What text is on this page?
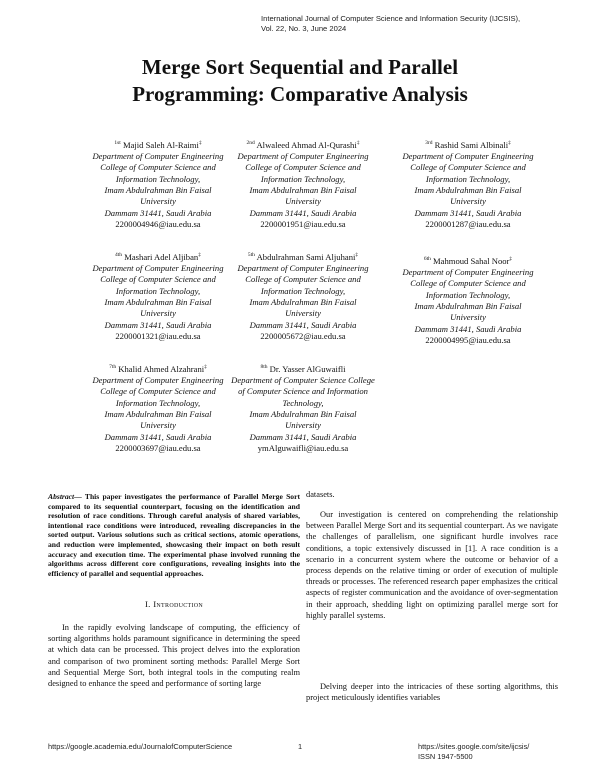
International Journal of Computer Science and Information Security (IJCSIS),
Vol. 22, No. 3, June 2024
Merge Sort Sequential and Parallel
Programming: Comparative Analysis
$^{1st}$ Majid Saleh Al-Raimi‡
Department of Computer Engineering
College of Computer Science and
Information Technology,
Imam Abdulrahman Bin Faisal
University
Dammam 31441, Saudi Arabia
2200004946@iau.edu.sa
$^{2nd}$ Alwaleed Ahmad Al-Qurashi‡
Department of Computer Engineering
College of Computer Science and
Information Technology,
Imam Abdulrahman Bin Faisal
University
Dammam 31441, Saudi Arabia
2200001951@iau.edu.sa
$^{3rd}$ Rashid Sami Albinali‡
Department of Computer Engineering
College of Computer Science and
Information Technology,
Imam Abdulrahman Bin Faisal
University
Dammam 31441, Saudi Arabia
2200001287@iau.edu.sa
$^{4th}$ Mashari Adel Aljiban‡
Department of Computer Engineering
College of Computer Science and
Information Technology,
Imam Abdulrahman Bin Faisal
University
Dammam 31441, Saudi Arabia
2200001321@iau.edu.sa
$^{5th}$ Abdulrahman Sami Aljuhani‡
Department of Computer Engineering
College of Computer Science and
Information Technology,
Imam Abdulrahman Bin Faisal
University
Dammam 31441, Saudi Arabia
2200005672@iau.edu.sa
$^{6th}$ Mahmoud Sahal Noor‡
Department of Computer Engineering
College of Computer Science and
Information Technology,
Imam Abdulrahman Bin Faisal
University
Dammam 31441, Saudi Arabia
2200004995@iau.edu.sa
$^{7th}$ Khalid Ahmed Alzahrani‡
Department of Computer Engineering
College of Computer Science and
Information Technology,
Imam Abdulrahman Bin Faisal
University
Dammam 31441, Saudi Arabia
2200003697@iau.edu.sa
$^{8th}$ Dr. Yasser AlGuwaifli
Department of Computer Science College
of Computer Science and Information
Technology,
Imam Abdulrahman Bin Faisal
University
Dammam 31441, Saudi Arabia
ymAlguwaifli@iau.edu.sa
Abstract— This paper investigates the performance of Parallel Merge Sort compared to its sequential counterpart, focusing on the identification and resolution of race conditions. Through careful analysis of shared variables, intentional race conditions were introduced, revealing discrepancies in the sorted output. Various solutions such as critical sections, atomic operations, and reduction were implemented, showcasing their impact on both result accuracy and execution time. The experimental phase involved running the algorithms across different core configurations, revealing insights into the efficiency of parallel and sequential approaches.
I. Introduction
In the rapidly evolving landscape of computing, the efficiency of sorting algorithms holds paramount significance in determining the speed at which data can be processed. This project delves into the exploration and comparison of two prominent sorting methods: Parallel Merge Sort and Sequential Merge Sort, both integral tools in the computing realm designed to enhance the speed and performance of sorting large
datasets.
Our investigation is centered on comprehending the relationship between Parallel Merge Sort and its sequential counterpart. As we navigate the challenges of parallelism, one significant hurdle involves race conditions, a topic extensively discussed in [1]. A race condition is a scenario in a concurrent system where the outcome or behavior of a process depends on the relative timing or order of execution of multiple threads or processes. The referenced research paper emphasizes the critical aspects of register communication and the avoidance of over-segmentation in their approach, shedding light on optimizing parallel merge sort for highly parallel systems.
Delving deeper into the intricacies of these sorting algorithms, this project meticulously identifies variables
https://google.academia.edu/JournalofComputerScience	1	https://sites.google.com/site/ijcsis/
ISSN 1947-5500
